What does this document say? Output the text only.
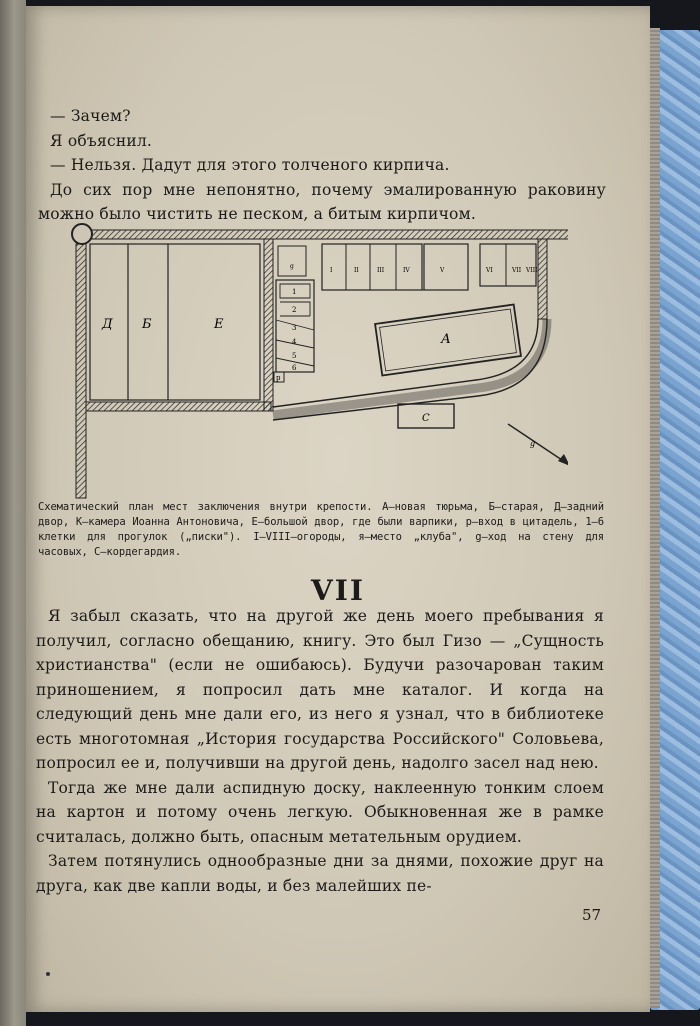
— Зачем?

Я объяснил.

— Нельзя. Дадут для этого толченого кирпича.

До сих пор мне непонятно, почему эмалированную раковину можно было чистить не песком, а битым кирпичом.

Д Б	Е
А
С
р
g
1
2
3
4
5
6
I	II	III	IV	V	VI	VII VIII
g
Схематический план мест заключения внутри крепости. А—новая тюрьма, Б—старая, Д—задний двор, К—камера Иоанна Антоновича, Е—большой двор, где были варпики, р—вход в цитадель, 1—6 клетки для прогулок („писки"). I—VIII—огороды, я—место „клуба", g—ход на стену для часовых, С—кордегардия.
VII

Я забыл сказать, что на другой же день моего пребывания я получил, согласно обещанию, книгу. Это был Гизо — „Сущность христианства" (если не ошибаюсь). Будучи разочарован таким приношением, я попросил дать мне каталог. И когда на следующий день мне дали его, из него я узнал, что в библиотеке есть многотомная „История государства Российского" Соловьева, попросил ее и, получивши на другой день, надолго засел над нею.

Тогда же мне дали аспидную доску, наклеенную тонким слоем на картон и потому очень легкую. Обыкновенная же в рамке считалась, должно быть, опасным метательным орудием.

Затем потянулись однообразные дни за днями, похожие друг на друга, как две капли воды, и без малейших пе-

57
